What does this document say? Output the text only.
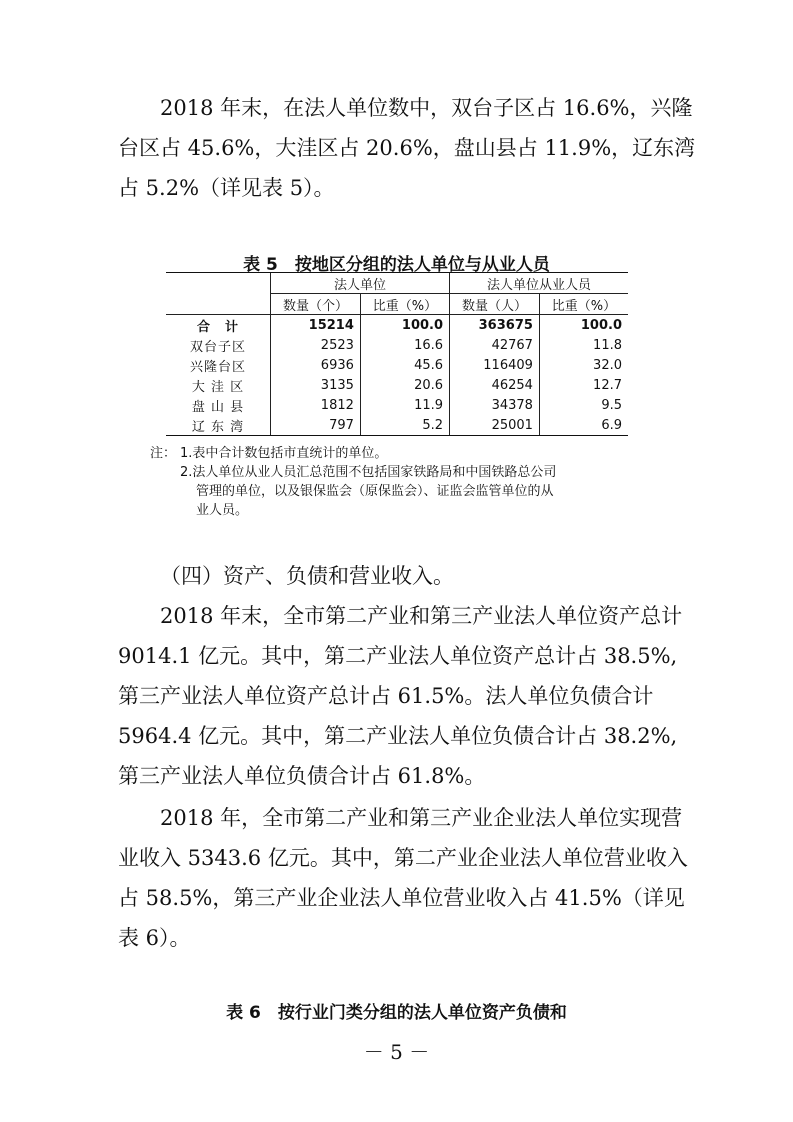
2018 年末，在法人单位数中，双台子区占 16.6%，兴隆
台区占 45.6%，大洼区占 20.6%，盘山县占 11.9%，辽东湾
占 5.2%（详见表 5）。
表 5　按地区分组的法人单位与从业人员
	法人单位		法人单位从业人员	
	数量（个）	比重（%）	数量（人）	比重（%）
合　计	15214	100.0	363675	100.0
双台子区	2523	16.6	42767	11.8
兴隆台区	6936	45.6	116409	32.0
大 洼 区	3135	20.6	46254	12.7
盘 山 县	1812	11.9	34378	9.5
辽 东 湾	797	5.2	25001	6.9
注： 1.表中合计数包括市直统计的单位。
2.法人单位从业人员汇总范围不包括国家铁路局和中国铁路总公司
管理的单位，以及银保监会（原保监会）、证监会监管单位的从
业人员。
（四）资产、负债和营业收入。
2018 年末，全市第二产业和第三产业法人单位资产总计
9014.1 亿元。其中，第二产业法人单位资产总计占 38.5%,
第三产业法人单位资产总计占 61.5%。法人单位负债合计
5964.4 亿元。其中，第二产业法人单位负债合计占 38.2%,
第三产业法人单位负债合计占 61.8%。
2018 年，全市第二产业和第三产业企业法人单位实现营
业收入 5343.6 亿元。其中，第二产业企业法人单位营业收入
占 58.5%，第三产业企业法人单位营业收入占 41.5%（详见
表 6）。
表 6　按行业门类分组的法人单位资产负债和
－ 5 －
